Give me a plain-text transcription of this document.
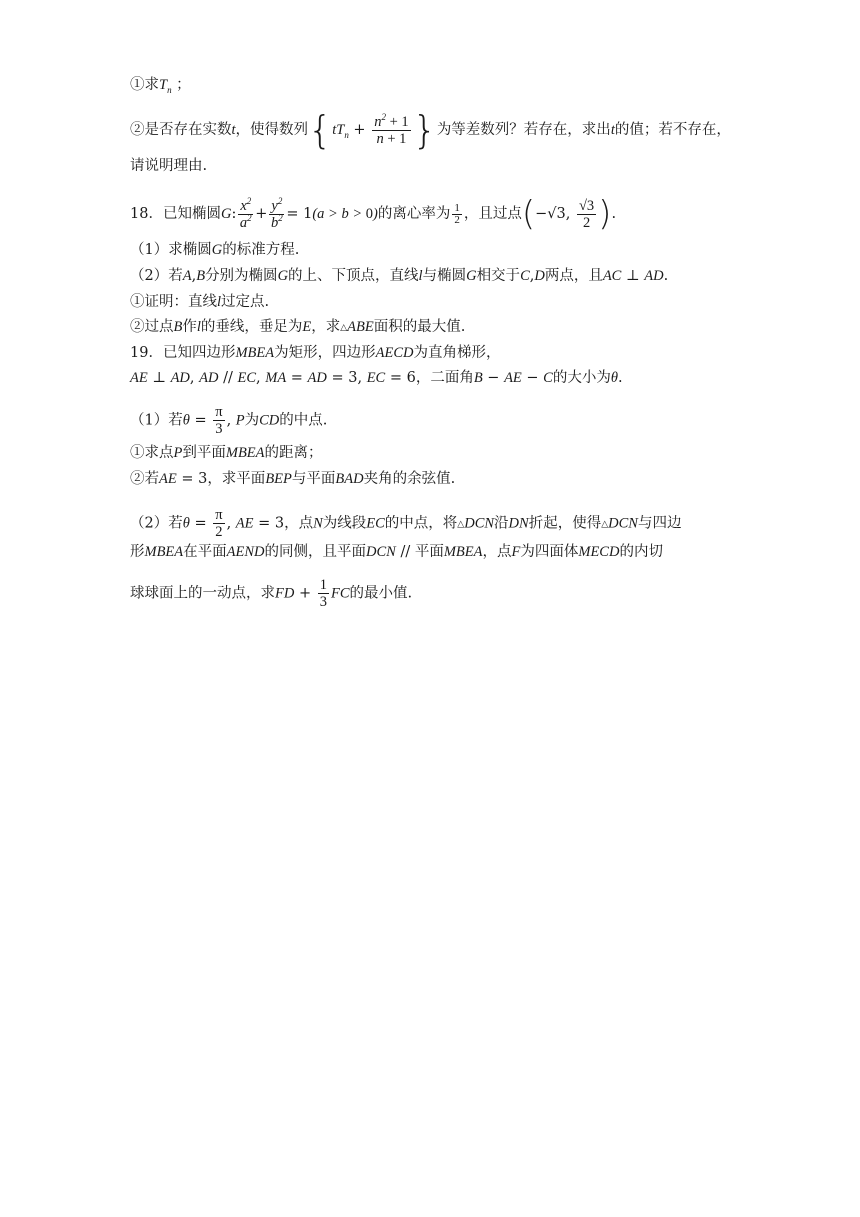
①求$T_n$ ；
②是否存在实数t，使得数列{$tT_n + \frac{n^2 + 1}{n + 1}$ }为等差数列？若存在，求出t的值；若不存在，
请说明理由.
18．已知椭圆G: $\frac{x^2}{a^2} + \frac{y^2}{b^2} = 1(a > b > 0)$的离心率为 $\frac{1}{2}$ ，且过点(−√3, $\frac{√3}{2}$ ).
（1）求椭圆G的标准方程.
（2）若A,B分别为椭圆G的上、下顶点，直线l与椭圆G相交于C,D两点，且AC ⊥ AD.
①证明：直线l过定点.
②过点B作l的垂线，垂足为E，求△ABE面积的最大值.
19．已知四边形MBEA为矩形，四边形AECD为直角梯形，
AE ⊥ AD, AD // EC, MA = AD = 3, EC = 6，二面角B − AE − C的大小为θ.
（1）若$\theta = \frac{\pi}{3}$ , P为CD的中点.
①求点P到平面MBEA的距离；
②若AE = 3，求平面BEP与平面BAD夹角的余弦值.
（2）若$\theta = \frac{\pi}{2}$ , AE = 3，点N为线段EC的中点，将△DCN沿DN折起，使得△DCN与四边
形MBEA在平面AEND的同侧，且平面DCN // 平面MBEA，点F为四面体MECD的内切
球球面上的一动点，求FD + $\frac{1}{3}$ FC的最小值.
